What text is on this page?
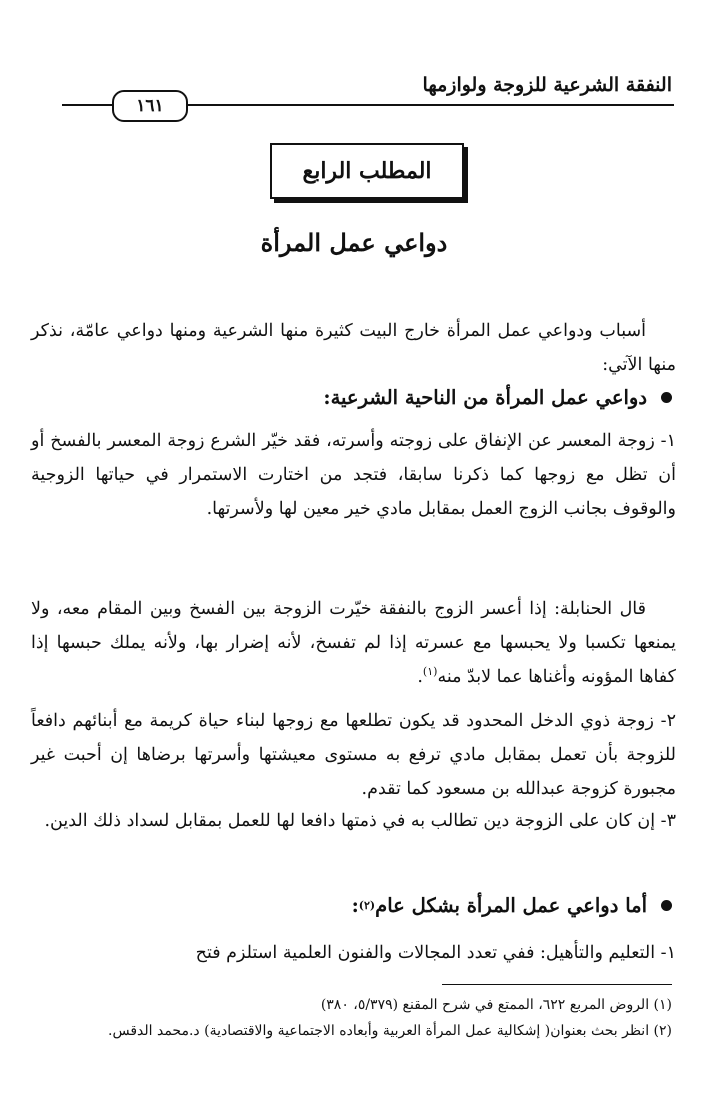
النفقة الشرعية للزوجة ولوازمها
١٦١
المطلب الرابع
دواعي عمل المرأة

أسباب ودواعي عمل المرأة خارج البيت كثيرة منها الشرعية ومنها دواعي عامّة، نذكر منها الآتي:

دواعي عمل المرأة من الناحية الشرعية:

١- زوجة المعسر عن الإنفاق على زوجته وأسرته، فقد خيّر الشرع زوجة المعسر بالفسخ أو أن تظل مع زوجها كما ذكرنا سابقا، فتجد من اختارت الاستمرار في حياتها الزوجية والوقوف بجانب الزوج العمل بمقابل مادي خير معين لها ولأسرتها.

قال الحنابلة: إذا أعسر الزوج بالنفقة خيّرت الزوجة بين الفسخ وبين المقام معه، ولا يمنعها تكسبا ولا يحبسها مع عسرته إذا لم تفسخ، لأنه إضرار بها، ولأنه يملك حبسها إذا كفاها المؤونه وأغناها عما لابدّ منه$^{(١)}$.

٢- زوجة ذوي الدخل المحدود قد يكون تطلعها مع زوجها لبناء حياة كريمة مع أبنائهم دافعاً للزوجة بأن تعمل بمقابل مادي ترفع به مستوى معيشتها وأسرتها برضاها إن أحبت غير مجبورة كزوجة عبدالله بن مسعود كما تقدم.

٣- إن كان على الزوجة دين تطالب به في ذمتها دافعا لها للعمل بمقابل لسداد ذلك الدين.

أما دواعي عمل المرأة بشكل عام
(٢)
:

١- التعليم والتأهيل: ففي تعدد المجالات والفنون العلمية استلزم فتح

(١) الروض المربع ٦٢٢، الممتع في شرح المقنع (٥/٣٧٩، ٣٨٠)
(٢) انظر بحث بعنوان( إشكالية عمل المرأة العربية وأبعاده الاجتماعية والاقتصادية) د.محمد الدقس.
